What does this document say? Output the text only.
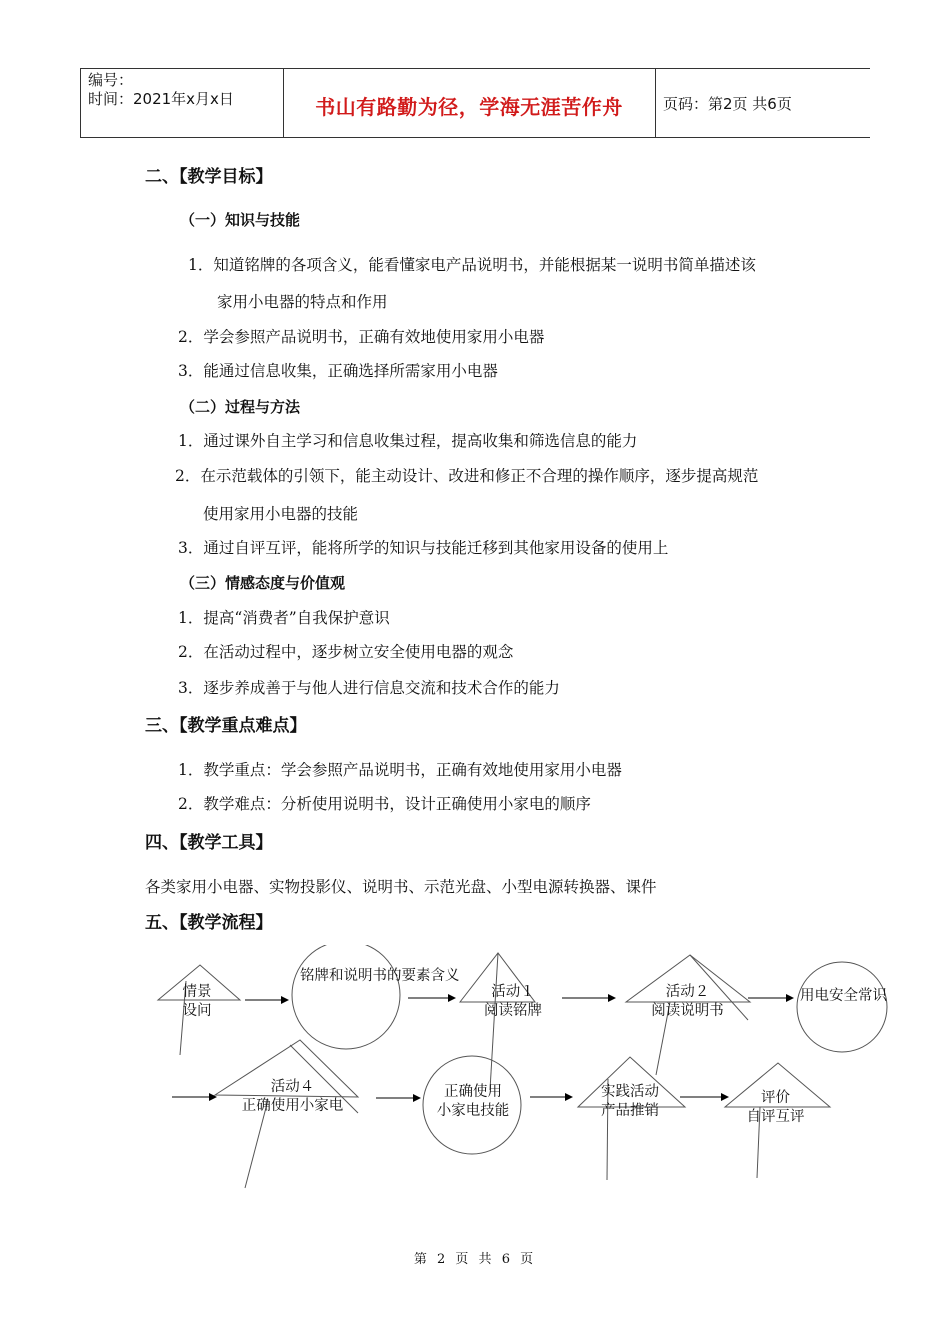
编号：
时间：2021年x月x日	书山有路勤为径，学海无涯苦作舟	页码：第2页 共6页
二、【教学目标】
（一）知识与技能
1．知道铭牌的各项含义，能看懂家电产品说明书，并能根据某一说明书简单描述该
家用小电器的特点和作用
2．学会参照产品说明书，正确有效地使用家用小电器
3．能通过信息收集，正确选择所需家用小电器
（二）过程与方法
1．通过课外自主学习和信息收集过程，提高收集和筛选信息的能力
2．在示范载体的引领下，能主动设计、改进和修正不合理的操作顺序，逐步提高规范
使用家用小电器的技能
3．通过自评互评，能将所学的知识与技能迁移到其他家用设备的使用上
（三）情感态度与价值观
1．提高“消费者”自我保护意识
2．在活动过程中，逐步树立安全使用电器的观念
3．逐步养成善于与他人进行信息交流和技术合作的能力
三、【教学重点难点】
1．教学重点：学会参照产品说明书，正确有效地使用家用小电器
2．教学难点：分析使用说明书，设计正确使用小家电的顺序
四、【教学工具】
各类家用小电器、实物投影仪、说明书、示范光盘、小型电源转换器、课件
五、【教学流程】
情景
设问
铭牌和说明书的要素含义
活动１
阅读铭牌
活动２
阅读说明书
用电安全常识
活动４
正确使用小家电
正确使用
小家电技能
实践活动
产品推销
评价
自评互评
第 2 页 共 6 页
